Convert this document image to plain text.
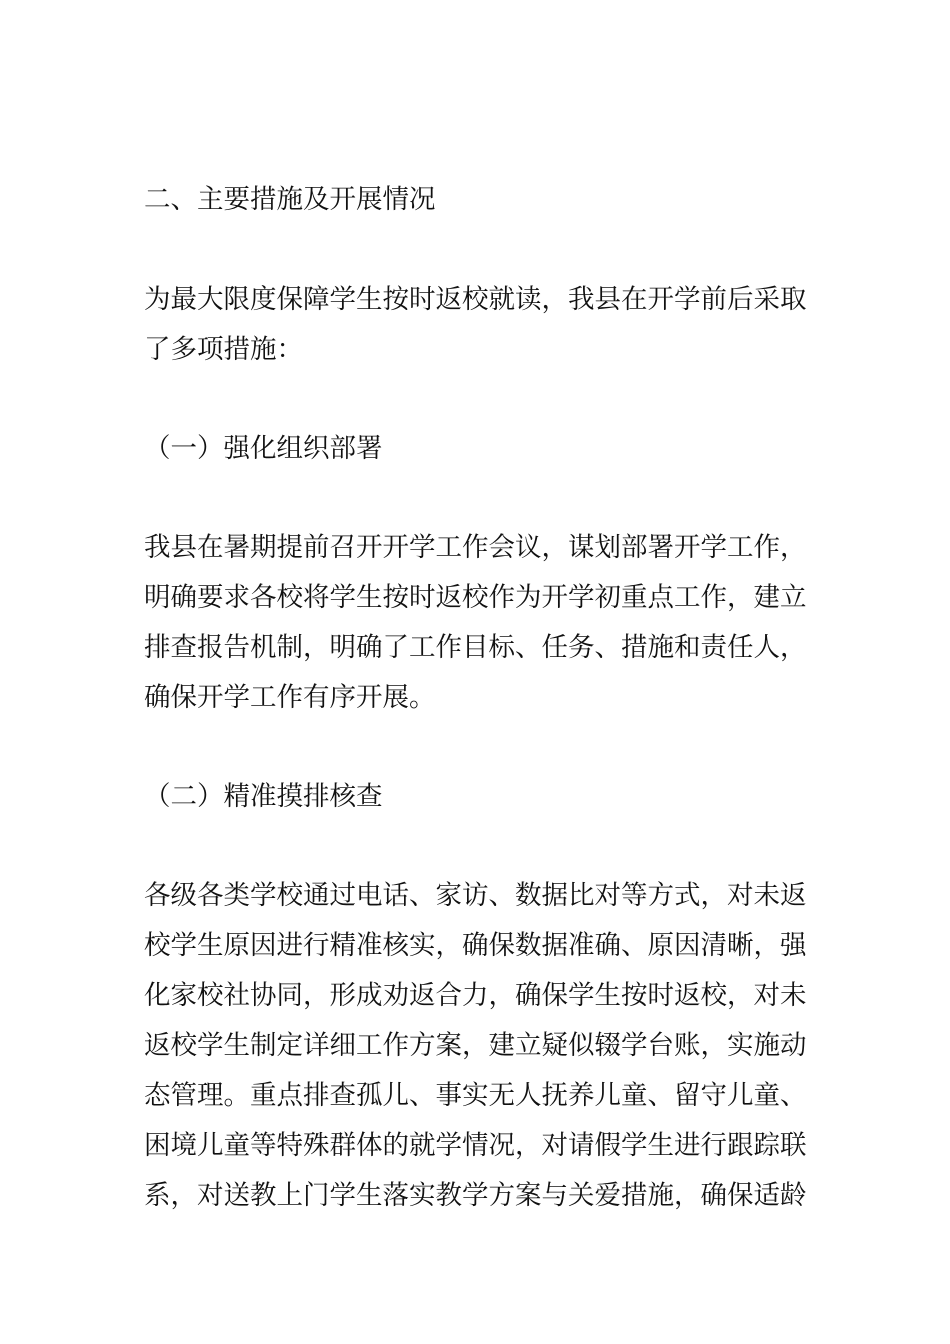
二、主要措施及开展情况
为最大限度保障学生按时返校就读，我县在开学前后采取
了多项措施：
（一）强化组织部署
我县在暑期提前召开开学工作会议，谋划部署开学工作，
明确要求各校将学生按时返校作为开学初重点工作，建立
排查报告机制，明确了工作目标、任务、措施和责任人，
确保开学工作有序开展。
（二）精准摸排核查
各级各类学校通过电话、家访、数据比对等方式，对未返
校学生原因进行精准核实，确保数据准确、原因清晰，强
化家校社协同，形成劝返合力，确保学生按时返校，对未
返校学生制定详细工作方案，建立疑似辍学台账，实施动
态管理。重点排查孤儿、事实无人抚养儿童、留守儿童、
困境儿童等特殊群体的就学情况，对请假学生进行跟踪联
系，对送教上门学生落实教学方案与关爱措施，确保适龄
